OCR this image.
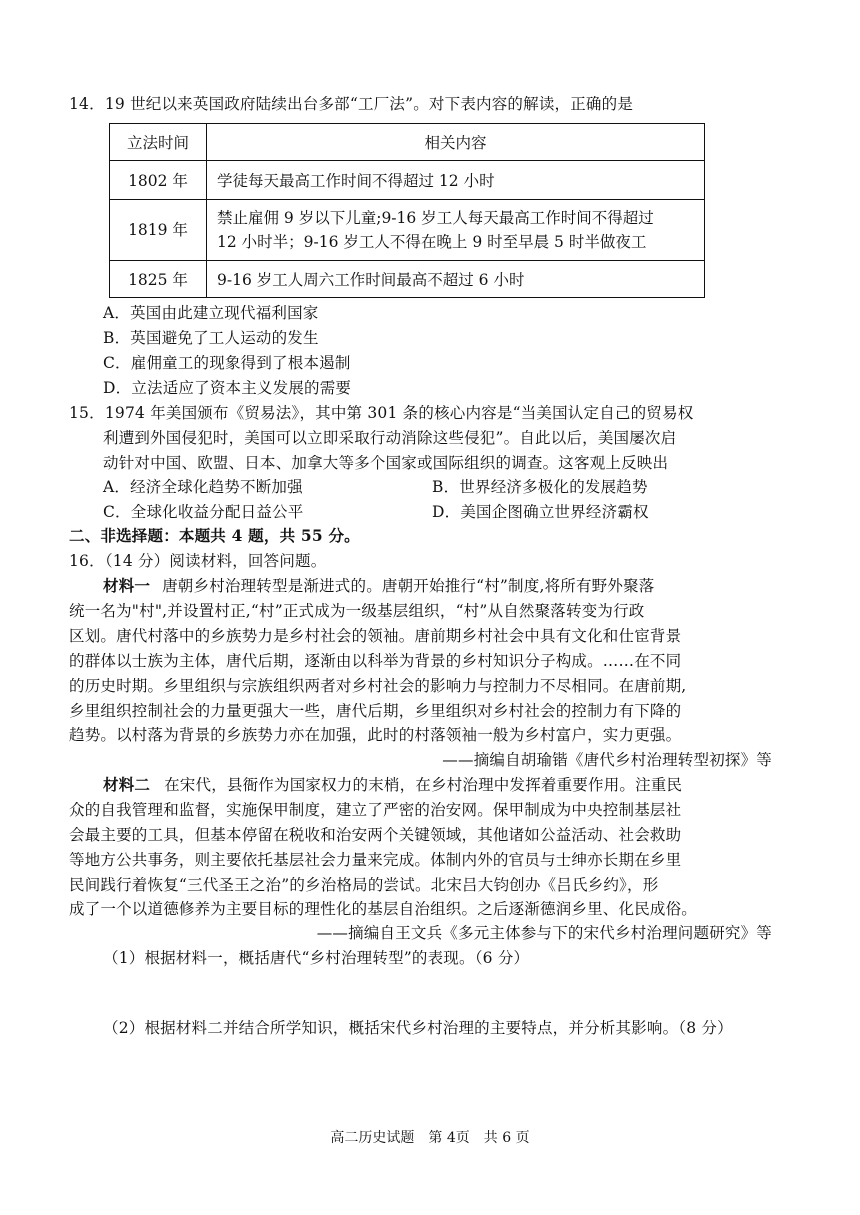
14．19 世纪以来英国政府陆续出台多部“工厂法”。对下表内容的解读，正确的是
立法时间	相关内容
1802 年	学徒每天最高工作时间不得超过 12 小时
1819 年	禁止雇佣 9 岁以下儿童;9-16 岁工人每天最高工作时间不得超过
12 小时半；9-16 岁工人不得在晚上 9 时至早晨 5 时半做夜工

1825 年	9-16 岁工人周六工作时间最高不超过 6 小时
A．英国由此建立现代福利国家
B．英国避免了工人运动的发生
C．雇佣童工的现象得到了根本遏制
D．立法适应了资本主义发展的需要
15．1974 年美国颁布《贸易法》，其中第 301 条的核心内容是“当美国认定自己的贸易权
利遭到外国侵犯时，美国可以立即采取行动消除这些侵犯”。自此以后，美国屡次启
动针对中国、欧盟、日本、加拿大等多个国家或国际组织的调查。这客观上反映出
A．经济全球化趋势不断加强	B．世界经济多极化的发展趋势
C．全球化收益分配日益公平	D．美国企图确立世界经济霸权
二、非选择题：本题共 4 题，共 55 分。
16．（14 分）阅读材料，回答问题。
材料一 唐朝乡村治理转型是渐进式的。唐朝开始推行“村”制度,将所有野外聚落
统一名为"村",并设置村正,“村”正式成为一级基层组织，“村”从自然聚落转变为行政
区划。唐代村落中的乡族势力是乡村社会的领袖。唐前期乡村社会中具有文化和仕宦背景
的群体以士族为主体，唐代后期，逐渐由以科举为背景的乡村知识分子构成。……在不同
的历史时期。乡里组织与宗族组织两者对乡村社会的影响力与控制力不尽相同。在唐前期,
乡里组织控制社会的力量更强大一些，唐代后期，乡里组织对乡村社会的控制力有下降的
趋势。以村落为背景的乡族势力亦在加强，此时的村落领袖一般为乡村富户，实力更强。
——摘编自胡瑜锴《唐代乡村治理转型初探》等
材料二 在宋代，县衙作为国家权力的末梢，在乡村治理中发挥着重要作用。注重民
众的自我管理和监督，实施保甲制度，建立了严密的治安网。保甲制成为中央控制基层社
会最主要的工具，但基本停留在税收和治安两个关键领域，其他诸如公益活动、社会救助
等地方公共事务，则主要依托基层社会力量来完成。体制内外的官员与士绅亦长期在乡里
民间践行着恢复“三代圣王之治”的乡治格局的尝试。北宋吕大钧创办《吕氏乡约》，形
成了一个以道德修养为主要目标的理性化的基层自治组织。之后逐渐德润乡里、化民成俗。
——摘编自王文兵《多元主体参与下的宋代乡村治理问题研究》等
（1）根据材料一，概括唐代“乡村治理转型”的表现。（6 分）
（2）根据材料二并结合所学知识，概括宋代乡村治理的主要特点，并分析其影响。（8 分）
高二历史试题　第 4页　共 6 页
